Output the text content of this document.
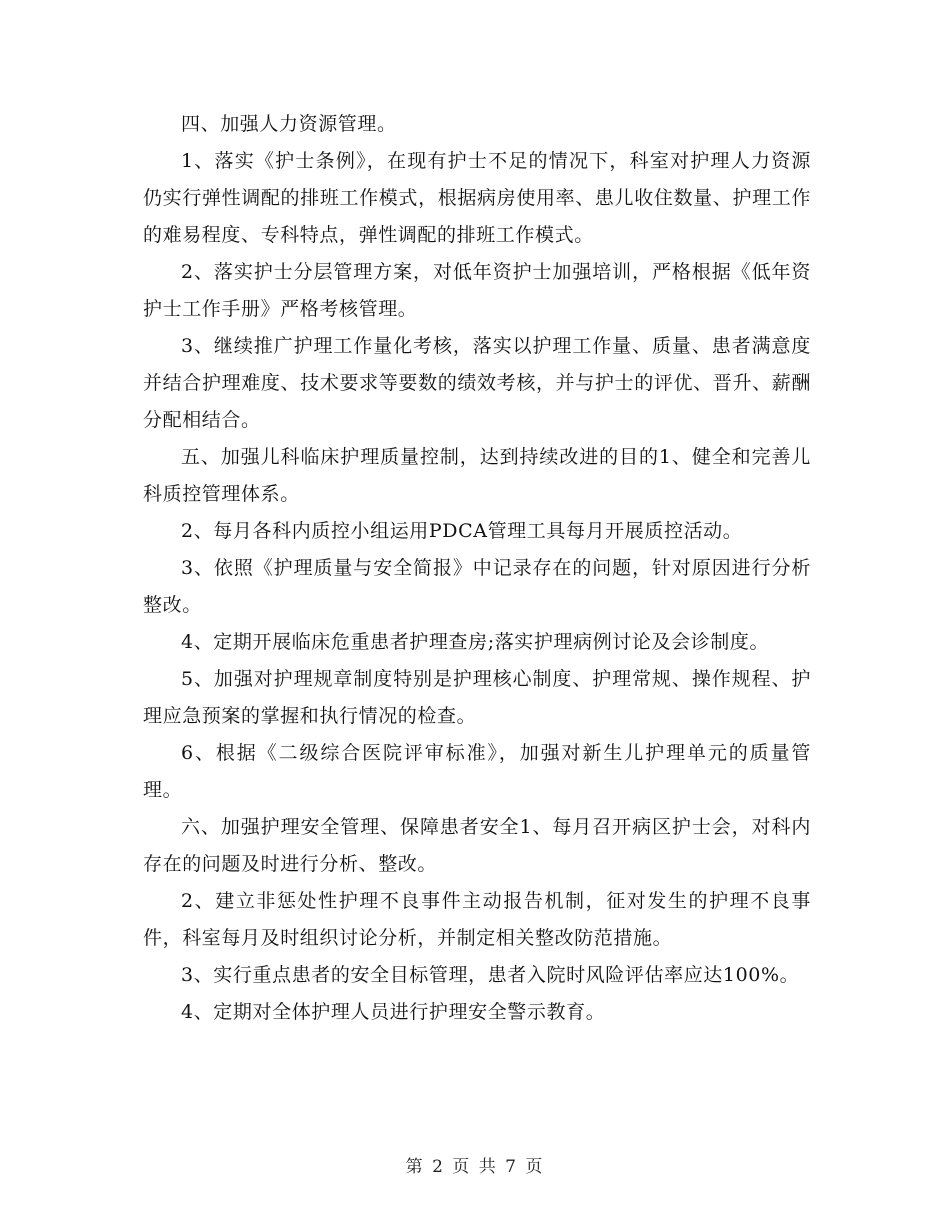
四、加强人力资源管理。

1、落实《护士条例》，在现有护士不足的情况下，科室对护理人力资源仍实行弹性调配的排班工作模式，根据病房使用率、患儿收住数量、护理工作的难易程度、专科特点，弹性调配的排班工作模式。

2、落实护士分层管理方案，对低年资护士加强培训，严格根据《低年资护士工作手册》严格考核管理。

3、继续推广护理工作量化考核，落实以护理工作量、质量、患者满意度并结合护理难度、技术要求等要数的绩效考核，并与护士的评优、晋升、薪酬分配相结合。

五、加强儿科临床护理质量控制，达到持续改进的目的1、健全和完善儿科质控管理体系。

2、每月各科内质控小组运用PDCA管理工具每月开展质控活动。

3、依照《护理质量与安全简报》中记录存在的问题，针对原因进行分析整改。

4、定期开展临床危重患者护理查房;落实护理病例讨论及会诊制度。

5、加强对护理规章制度特别是护理核心制度、护理常规、操作规程、护理应急预案的掌握和执行情况的检查。

6、根据《二级综合医院评审标准》，加强对新生儿护理单元的质量管理。

六、加强护理安全管理、保障患者安全1、每月召开病区护士会，对科内存在的问题及时进行分析、整改。

2、建立非惩处性护理不良事件主动报告机制，征对发生的护理不良事件，科室每月及时组织讨论分析，并制定相关整改防范措施。

3、实行重点患者的安全目标管理，患者入院时风险评估率应达100%。

4、定期对全体护理人员进行护理安全警示教育。

第 2 页 共 7 页
